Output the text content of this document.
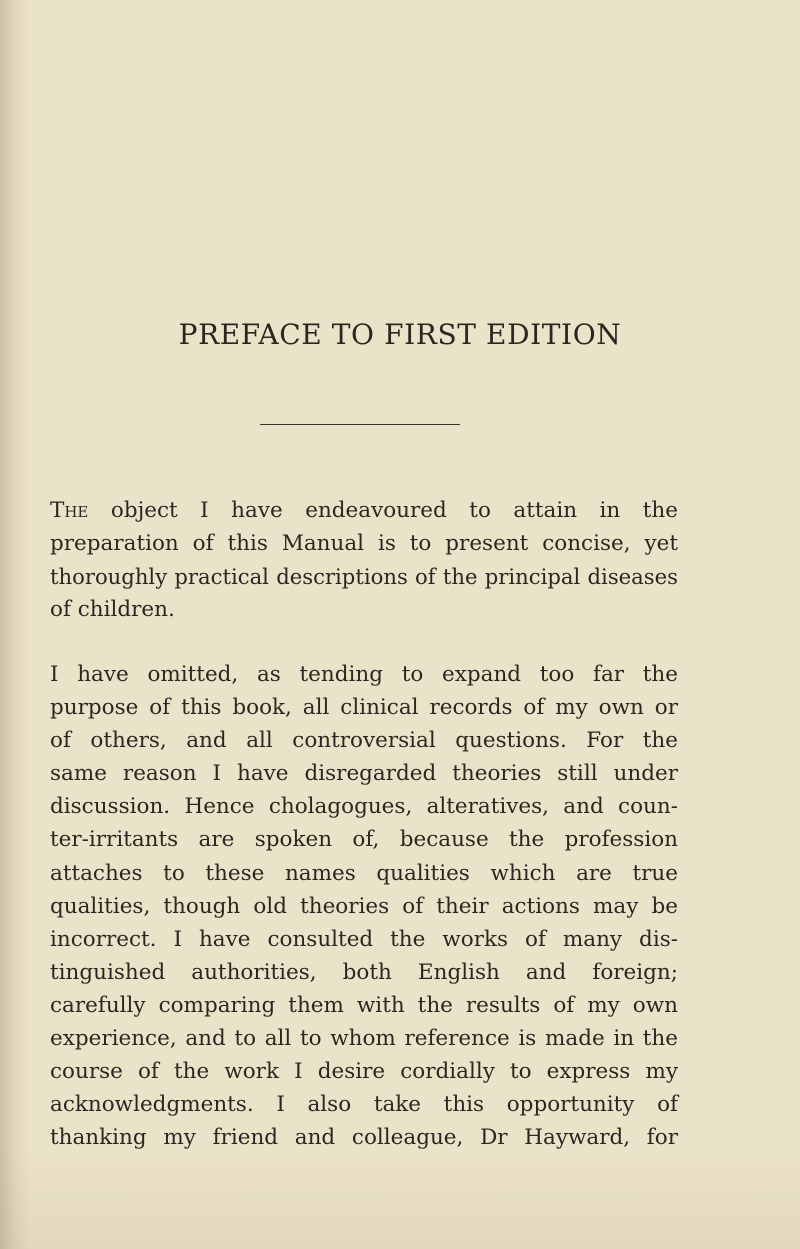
PREFACE TO FIRST EDITION
The object I have endeavoured to attain in the
preparation of this Manual is to present concise, yet
thoroughly practical descriptions of the principal diseases
of children.
I have omitted, as tending to expand too far the
purpose of this book, all clinical records of my own or
of others, and all controversial questions. For the
same reason I have disregarded theories still under
discussion. Hence cholagogues, alteratives, and coun-
ter-irritants are spoken of, because the profession
attaches to these names qualities which are true
qualities, though old theories of their actions may be
incorrect. I have consulted the works of many dis-
tinguished authorities, both English and foreign;
carefully comparing them with the results of my own
experience, and to all to whom reference is made in the
course of the work I desire cordially to express my
acknowledgments. I also take this opportunity of
thanking my friend and colleague, Dr Hayward, for
